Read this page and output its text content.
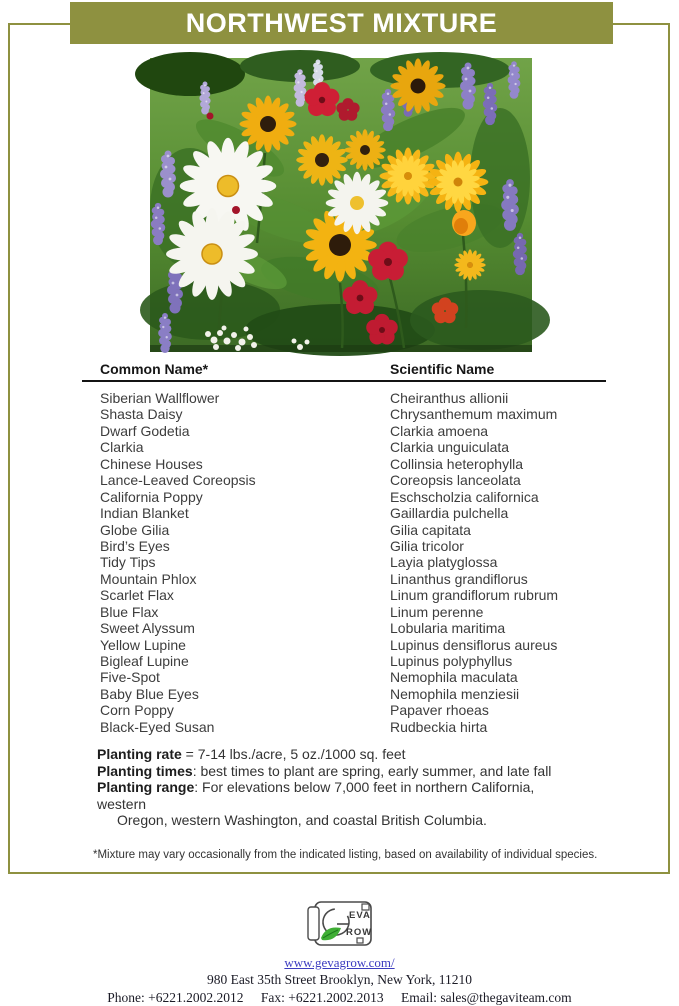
NORTHWEST MIXTURE
Common Name*	Scientific Name
Siberian Wallflower	Cheiranthus allionii
Shasta Daisy	Chrysanthemum maximum
Dwarf Godetia	Clarkia amoena
Clarkia	Clarkia unguiculata
Chinese Houses	Collinsia heterophylla
Lance-Leaved Coreopsis	Coreopsis lanceolata
California Poppy	Eschscholzia californica
Indian Blanket	Gaillardia pulchella
Globe Gilia	Gilia capitata
Bird’s Eyes	Gilia tricolor
Tidy Tips	Layia platyglossa
Mountain Phlox	Linanthus grandiflorus
Scarlet Flax	Linum grandiflorum rubrum
Blue Flax	Linum perenne
Sweet Alyssum	Lobularia maritima
Yellow Lupine	Lupinus densiflorus aureus
Bigleaf Lupine	Lupinus polyphyllus
Five-Spot	Nemophila maculata
Baby Blue Eyes	Nemophila menziesii
Corn Poppy	Papaver rhoeas
Black-Eyed Susan	Rudbeckia hirta
Planting rate = 7-14 lbs./acre, 5 oz./1000 sq. feet
Planting times: best times to plant are spring, early summer, and late fall
Planting range: For elevations below 7,000 feet in northern California,
western
Oregon, western Washington, and coastal British Columbia.
*Mixture may vary occasionally from the indicated listing, based on availability of individual species.
EVA
ROW
www.gevagrow.com/
980 East 35th Street Brooklyn, New York, 11210
Phone: +6221.2002.2012 Fax: +6221.2002.2013 Email: sales@thegaviteam.com
